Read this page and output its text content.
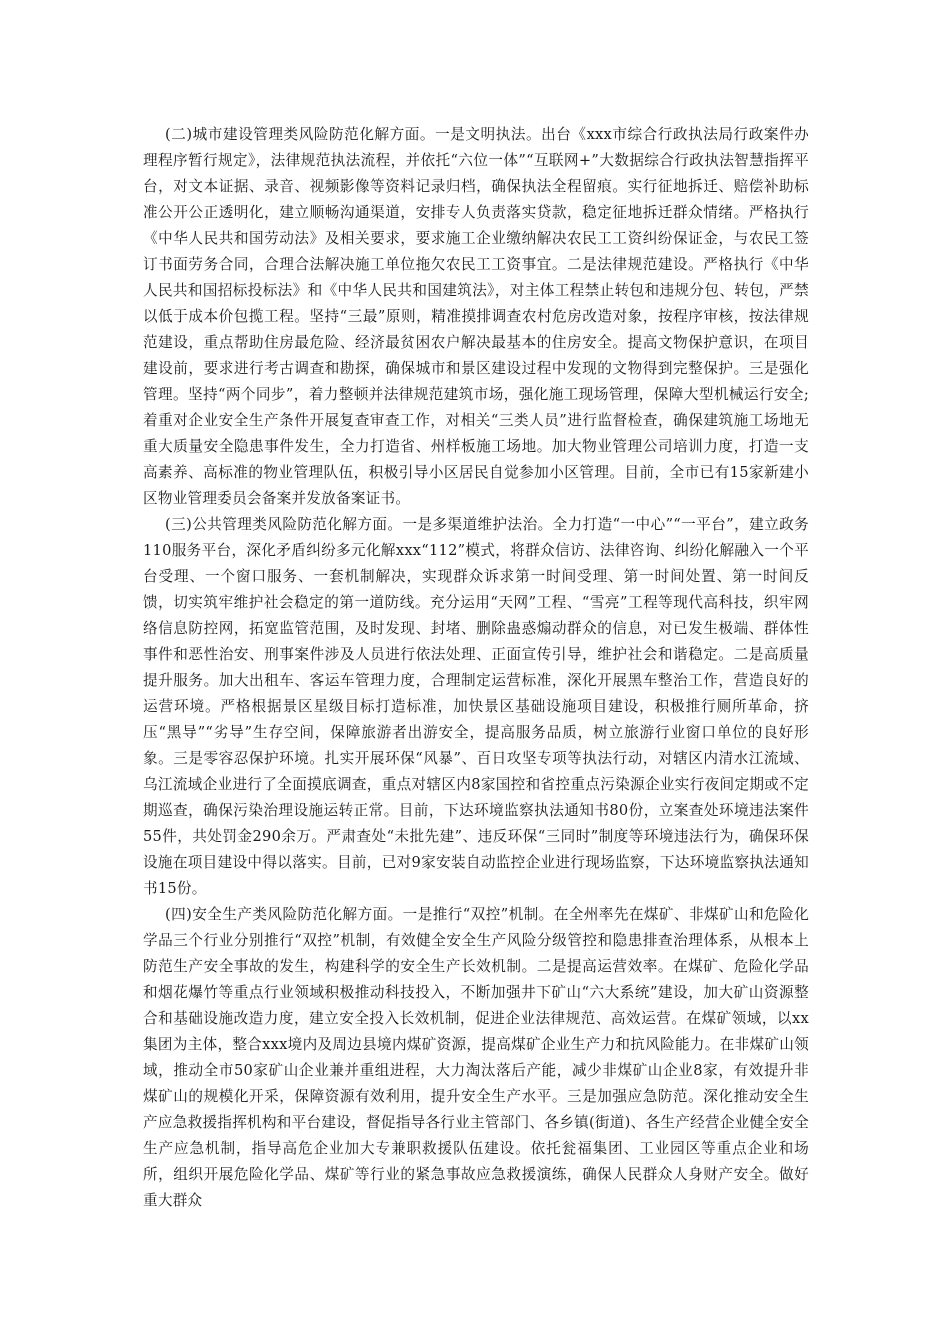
(二)城市建设管理类风险防范化解方面。一是文明执法。出台《xxx市综合行政执法局行政案件办理程序暂行规定》，法律规范执法流程，并依托“六位一体”“互联网+”大数据综合行政执法智慧指挥平台，对文本证据、录音、视频影像等资料记录归档，确保执法全程留痕。实行征地拆迁、赔偿补助标准公开公正透明化，建立顺畅沟通渠道，安排专人负责落实贷款，稳定征地拆迁群众情绪。严格执行《中华人民共和国劳动法》及相关要求，要求施工企业缴纳解决农民工工资纠纷保证金，与农民工签订书面劳务合同，合理合法解决施工单位拖欠农民工工资事宜。二是法律规范建设。严格执行《中华人民共和国招标投标法》和《中华人民共和国建筑法》，对主体工程禁止转包和违规分包、转包，严禁以低于成本价包揽工程。坚持“三最”原则，精准摸排调查农村危房改造对象，按程序审核，按法律规范建设，重点帮助住房最危险、经济最贫困农户解决最基本的住房安全。提高文物保护意识，在项目建设前，要求进行考古调查和勘探，确保城市和景区建设过程中发现的文物得到完整保护。三是强化管理。坚持“两个同步”，着力整顿并法律规范建筑市场，强化施工现场管理，保障大型机械运行安全;着重对企业安全生产条件开展复查审查工作，对相关“三类人员”进行监督检查，确保建筑施工场地无重大质量安全隐患事件发生，全力打造省、州样板施工场地。加大物业管理公司培训力度，打造一支高素养、高标准的物业管理队伍，积极引导小区居民自觉参加小区管理。目前，全市已有15家新建小区物业管理委员会备案并发放备案证书。

(三)公共管理类风险防范化解方面。一是多渠道维护法治。全力打造“一中心”“一平台”，建立政务110服务平台，深化矛盾纠纷多元化解xxx“112”模式，将群众信访、法律咨询、纠纷化解融入一个平台受理、一个窗口服务、一套机制解决，实现群众诉求第一时间受理、第一时间处置、第一时间反馈，切实筑牢维护社会稳定的第一道防线。充分运用“天网”工程、“雪亮”工程等现代高科技，织牢网络信息防控网，拓宽监管范围，及时发现、封堵、删除蛊惑煽动群众的信息，对已发生极端、群体性事件和恶性治安、刑事案件涉及人员进行依法处理、正面宣传引导，维护社会和谐稳定。二是高质量提升服务。加大出租车、客运车管理力度，合理制定运营标准，深化开展黑车整治工作，营造良好的运营环境。严格根据景区星级目标打造标准，加快景区基础设施项目建设，积极推行厕所革命，挤压“黑导”“劣导”生存空间，保障旅游者出游安全，提高服务品质，树立旅游行业窗口单位的良好形象。三是零容忍保护环境。扎实开展环保“风暴”、百日攻坚专项等执法行动，对辖区内清水江流域、乌江流域企业进行了全面摸底调查，重点对辖区内8家国控和省控重点污染源企业实行夜间定期或不定期巡查，确保污染治理设施运转正常。目前，下达环境监察执法通知书80份，立案查处环境违法案件55件，共处罚金290余万。严肃查处“未批先建”、违反环保“三同时”制度等环境违法行为，确保环保设施在项目建设中得以落实。目前，已对9家安装自动监控企业进行现场监察，下达环境监察执法通知书15份。

(四)安全生产类风险防范化解方面。一是推行“双控”机制。在全州率先在煤矿、非煤矿山和危险化学品三个行业分别推行“双控”机制，有效健全安全生产风险分级管控和隐患排查治理体系，从根本上防范生产安全事故的发生，构建科学的安全生产长效机制。二是提高运营效率。在煤矿、危险化学品和烟花爆竹等重点行业领域积极推动科技投入，不断加强井下矿山“六大系统”建设，加大矿山资源整合和基础设施改造力度，建立安全投入长效机制，促进企业法律规范、高效运营。在煤矿领域，以xx集团为主体，整合xxx境内及周边县境内煤矿资源，提高煤矿企业生产力和抗风险能力。在非煤矿山领域，推动全市50家矿山企业兼并重组进程，大力淘汰落后产能，减少非煤矿山企业8家，有效提升非煤矿山的规模化开采，保障资源有效利用，提升安全生产水平。三是加强应急防范。深化推动安全生产应急救援指挥机构和平台建设，督促指导各行业主管部门、各乡镇(街道)、各生产经营企业健全安全生产应急机制，指导高危企业加大专兼职救援队伍建设。依托瓮福集团、工业园区等重点企业和场所，组织开展危险化学品、煤矿等行业的紧急事故应急救援演练，确保人民群众人身财产安全。做好重大群众
